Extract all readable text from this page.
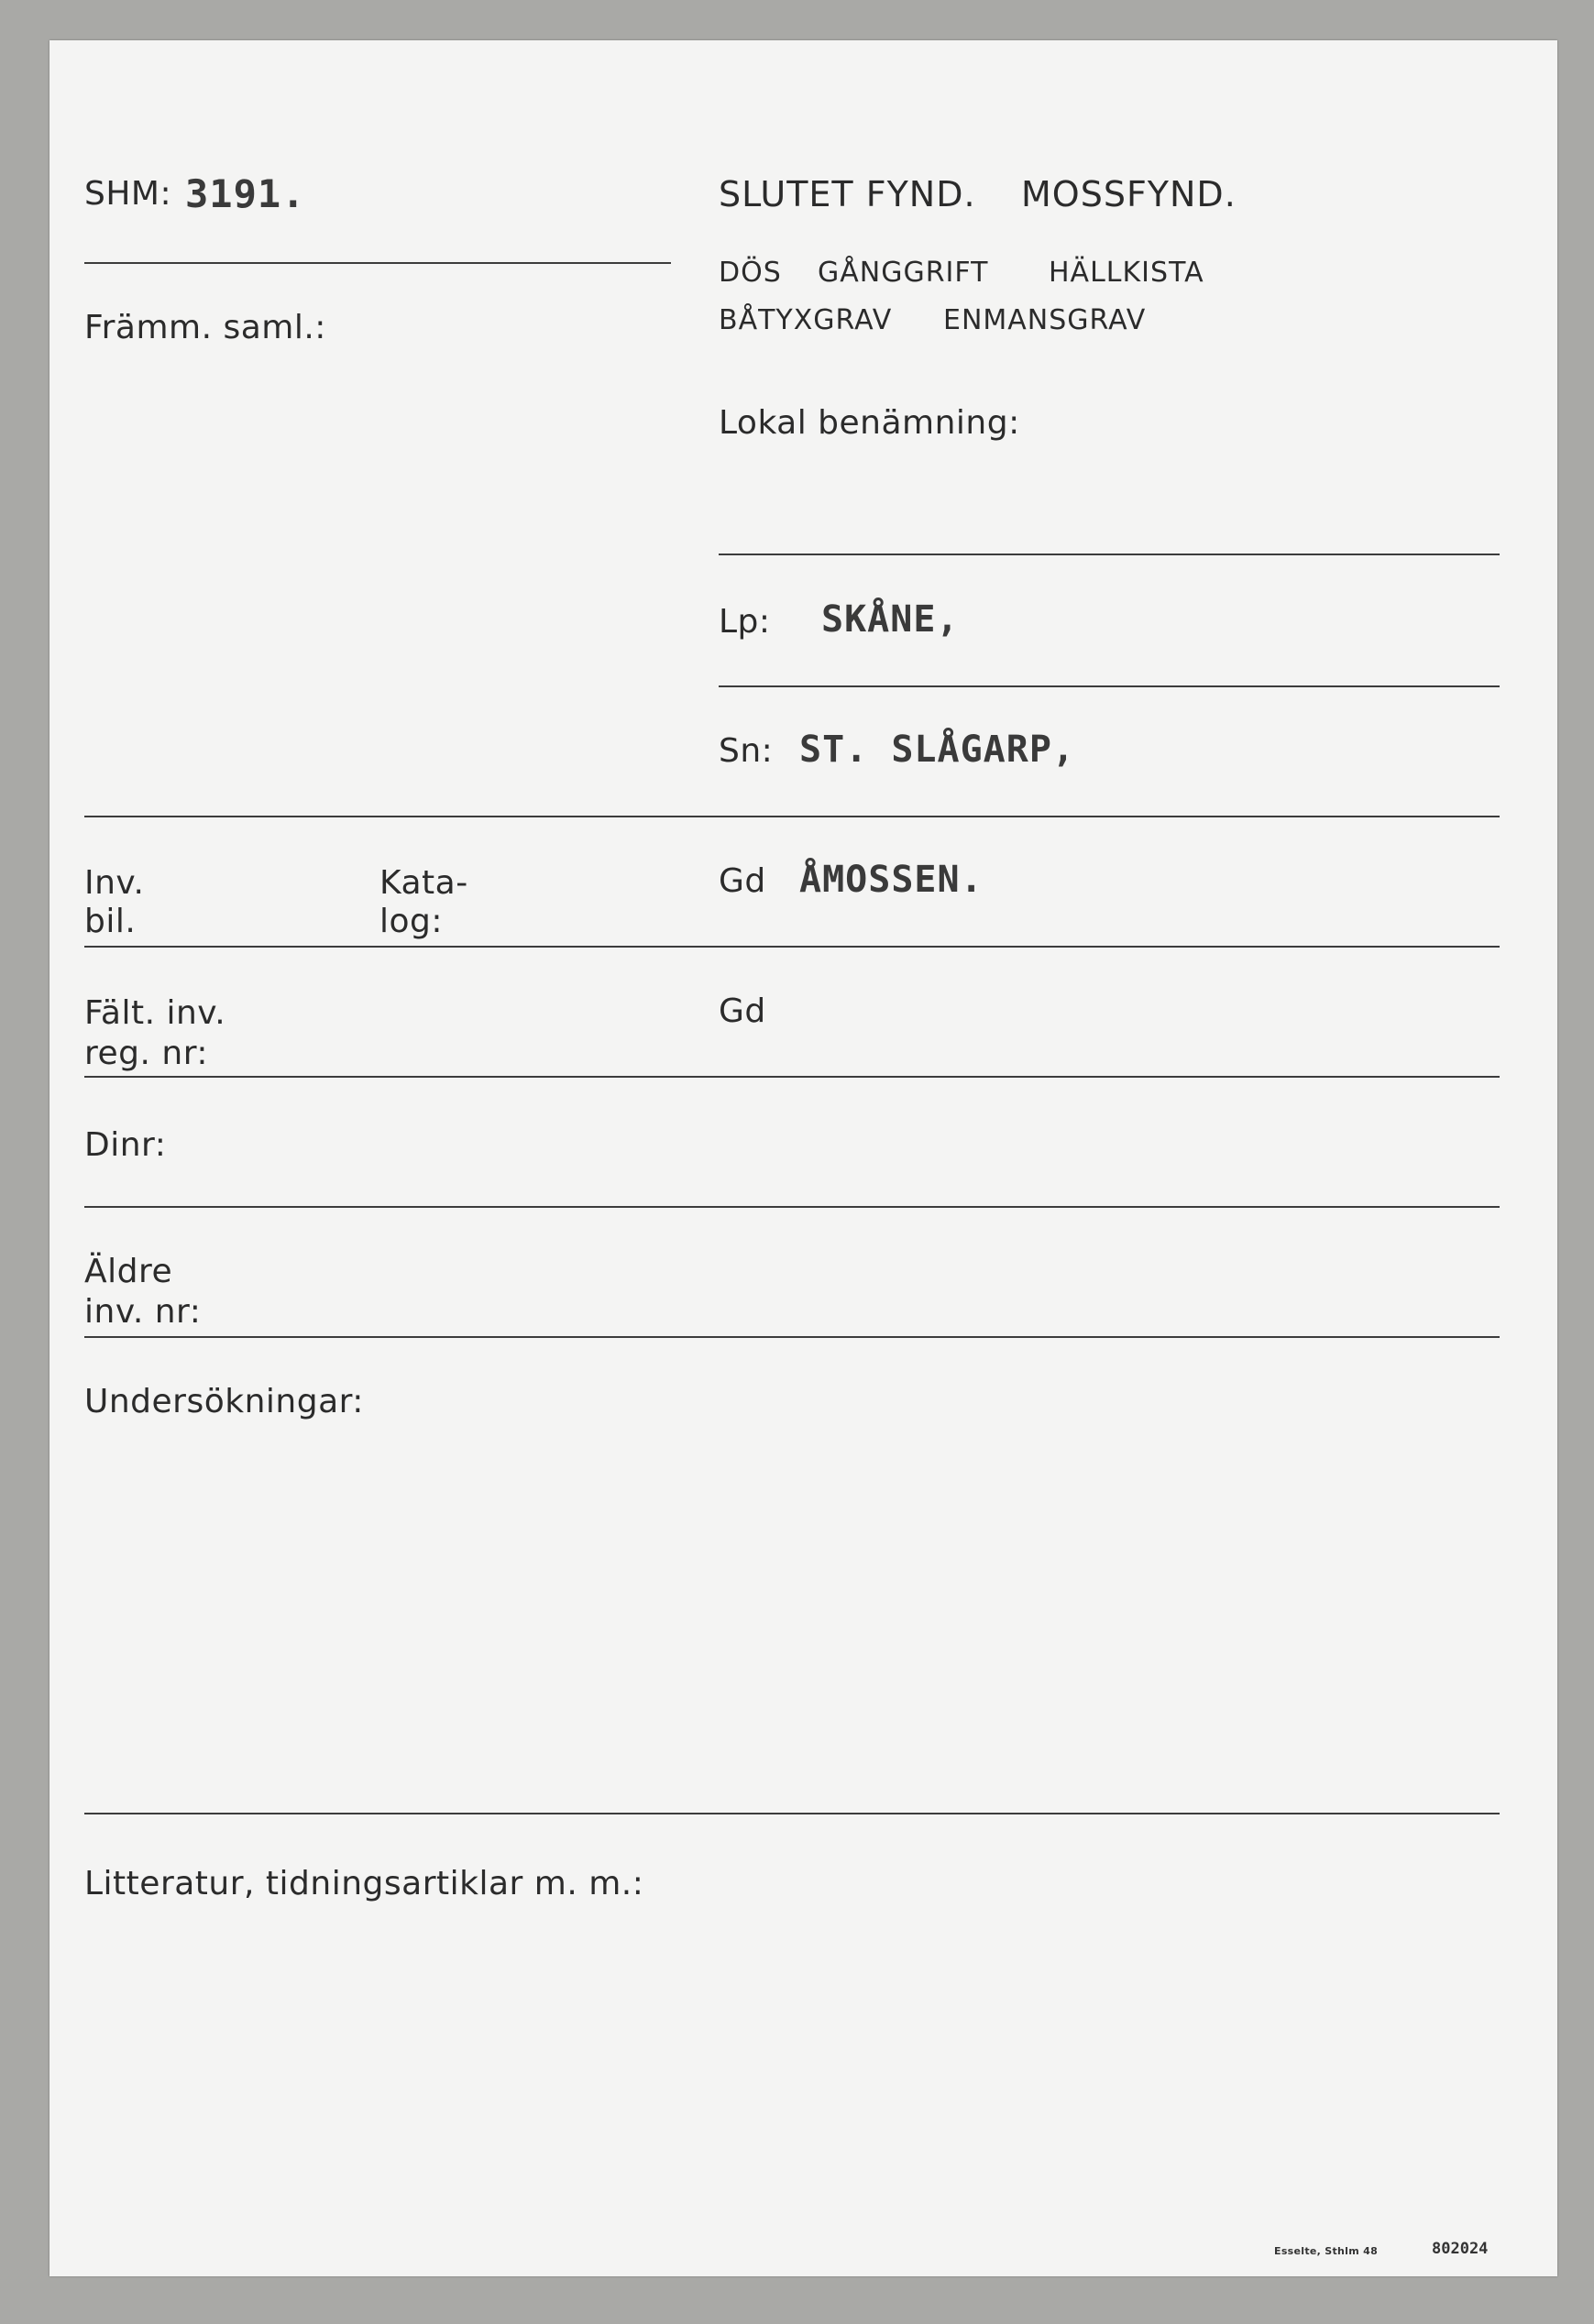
SHM: 3191.
Främm. saml.:
SLUTET FYND. MOSSFYND.
DÖS GÅNGGRIFT HÄLLKISTA
BÅTYXGRAV ENMANSGRAV
Lokal benämning:
Lp: SKÅNE,
Sn: ST. SLÅGARP,
Inv.
bil.
Kata-
log:
Gd ÅMOSSEN.
Fält. inv.
reg. nr:
Gd
Dinr:
Äldre
inv. nr:
Undersökningar:
Litteratur, tidningsartiklar m. m.:
Esselte, Sthlm 48	802024
